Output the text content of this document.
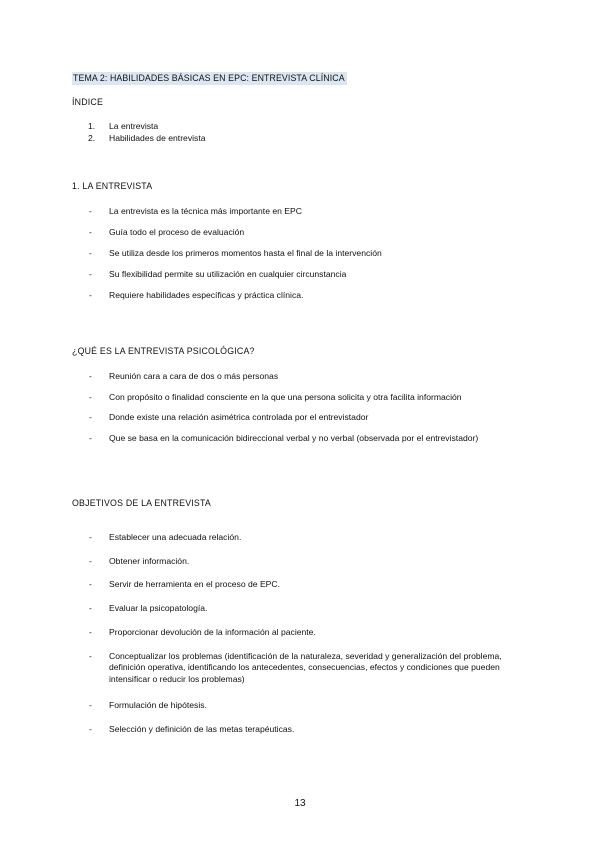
TEMA 2: HABILIDADES BÁSICAS EN EPC: ENTREVISTA CLÍNICA
ÍNDICE
1. La entrevista
2. Habilidades de entrevista
1. LA ENTREVISTA
- La entrevista es la técnica más importante en EPC
- Guía todo el proceso de evaluación
- Se utiliza desde los primeros momentos hasta el final de la intervención
- Su flexibilidad permite su utilización en cualquier circunstancia
- Requiere habilidades específicas y práctica clínica.
¿QUÉ ES LA ENTREVISTA PSICOLÓGICA?
- Reunión cara a cara de dos o más personas
- Con propósito o finalidad consciente en la que una persona solicita y otra facilita información
- Donde existe una relación asimétrica controlada por el entrevistador
- Que se basa en la comunicación bidireccional verbal y no verbal (observada por el entrevistador)
OBJETIVOS DE LA ENTREVISTA
- Establecer una adecuada relación.
- Obtener información.
- Servir de herramienta en el proceso de EPC.
- Evaluar la psicopatología.
- Proporcionar devolución de la información al paciente.
- Conceptualizar los problemas (identificación de la naturaleza, severidad y generalización del problema, definición operativa, identificando los antecedentes, consecuencias, efectos y condiciones que pueden intensificar o reducir los problemas)
- Formulación de hipótesis.
- Selección y definición de las metas terapéuticas.
13
